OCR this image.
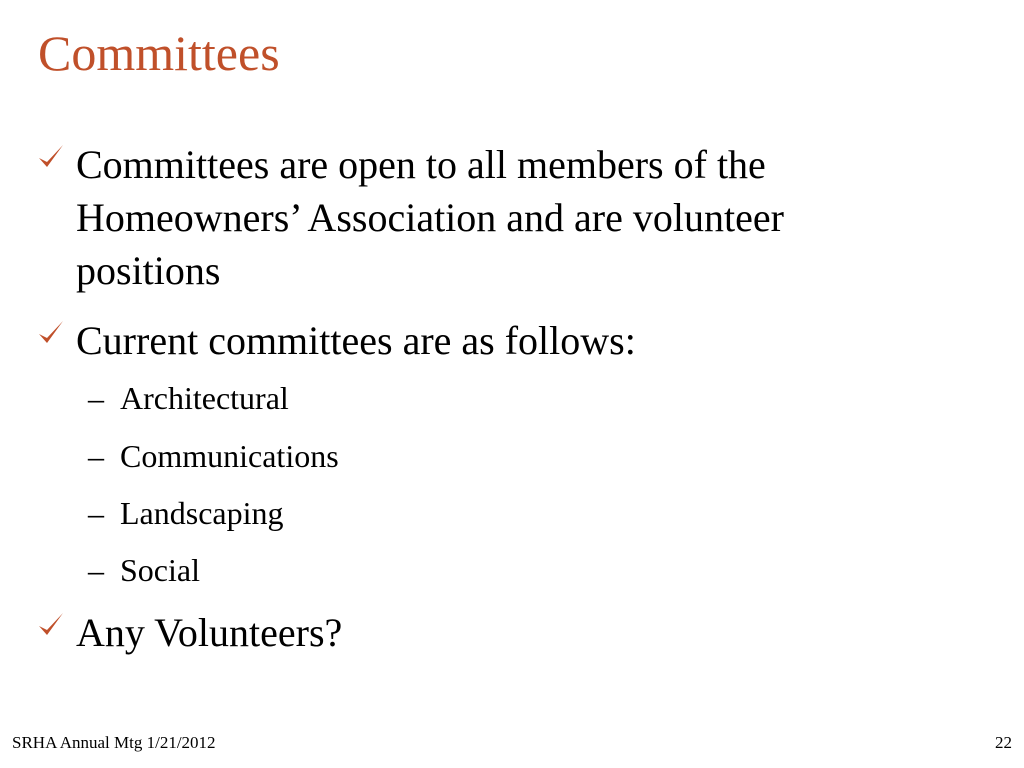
Committees
Committees are open to all members of the Homeowners’ Association and are volunteer positions
Current committees are as follows:
– Architectural
– Communications
– Landscaping
– Social
Any Volunteers?
SRHA Annual Mtg 1/21/2012	22
